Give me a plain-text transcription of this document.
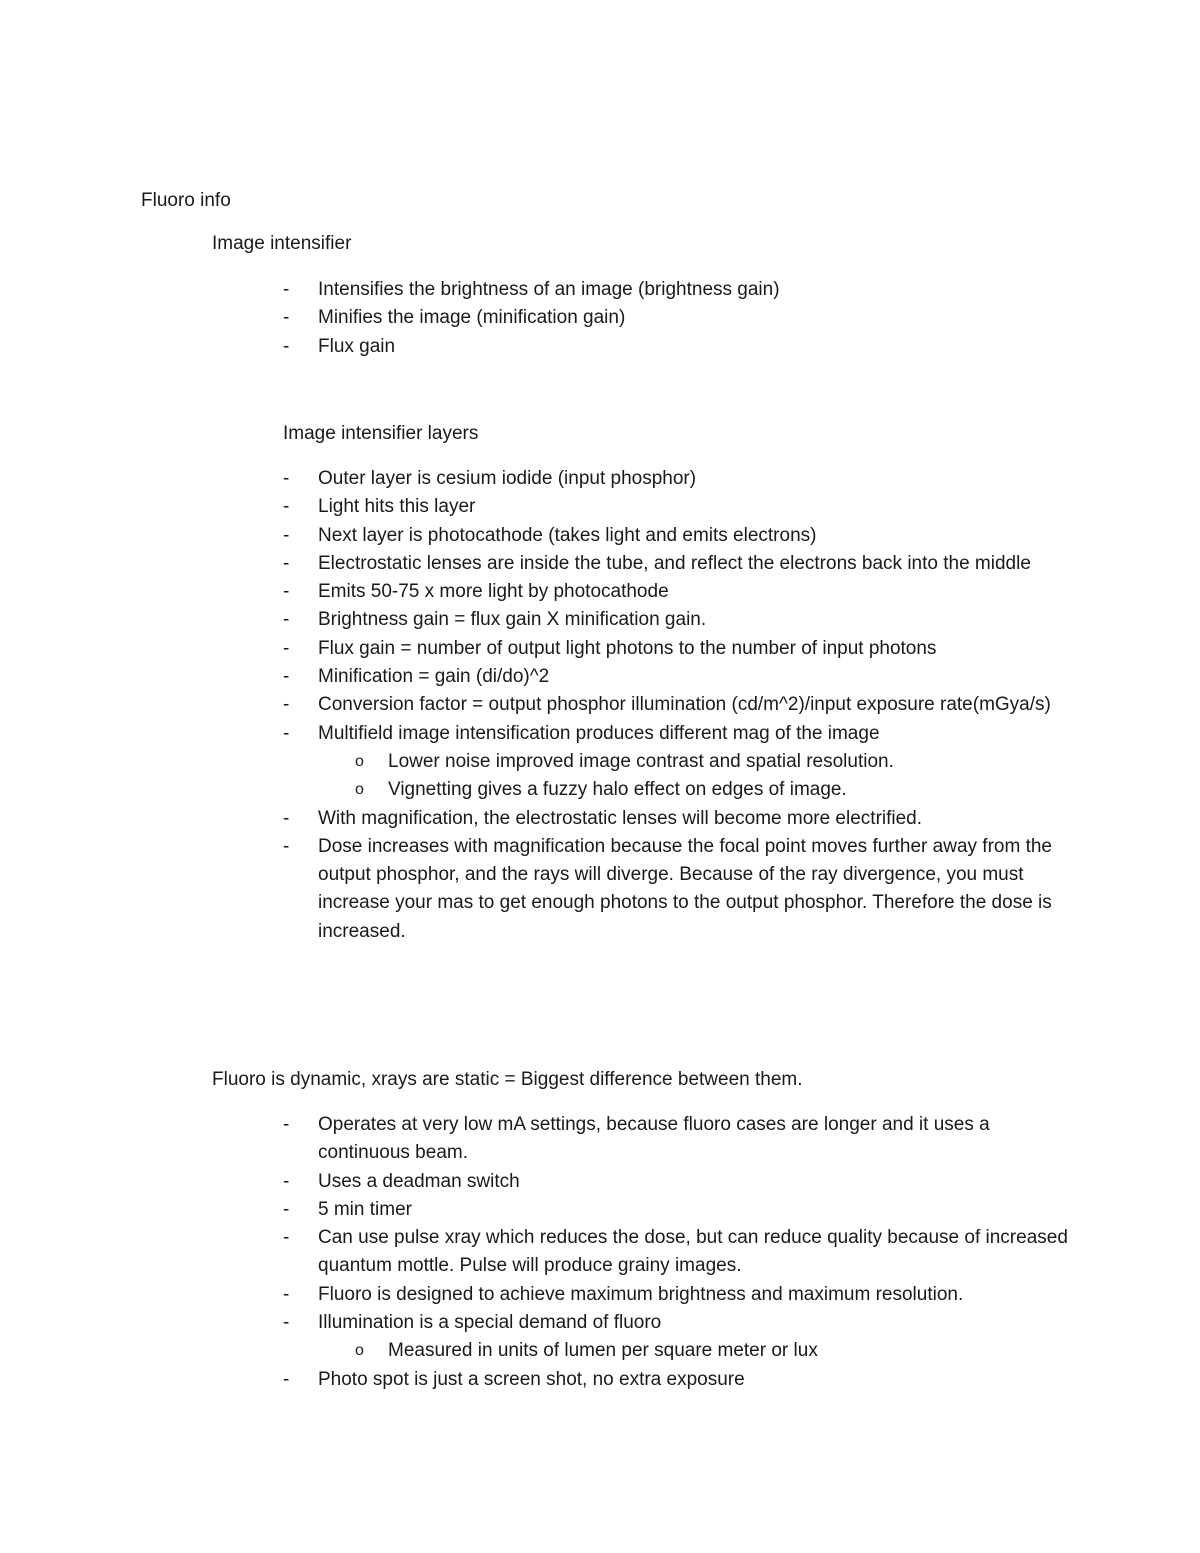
Fluoro info
Image intensifier
-	Intensifies the brightness of an image (brightness gain)
-	Minifies the image (minification gain)
-	Flux gain
Image intensifier layers
-	Outer layer is cesium iodide (input phosphor)
-	Light hits this layer
-	Next layer is photocathode (takes light and emits electrons)
-	Electrostatic lenses are inside the tube, and reflect the electrons back into the middle
-	Emits 50-75 x more light by photocathode
-	Brightness gain = flux gain X minification gain.
-	Flux gain = number of output light photons to the number of input photons
-	Minification = gain (di/do)^2
-	Conversion factor = output phosphor illumination (cd/m^2)/input exposure rate(mGya/s)
-	Multifield image intensification produces different mag of the image
o	Lower noise improved image contrast and spatial resolution.
o	Vignetting gives a fuzzy halo effect on edges of image.
-	With magnification, the electrostatic lenses will become more electrified.
-	Dose increases with magnification because the focal point moves further away from the output phosphor, and the rays will diverge. Because of the ray divergence, you must increase your mas to get enough photons to the output phosphor. Therefore the dose is increased.
Fluoro is dynamic, xrays are static = Biggest difference between them.
-	Operates at very low mA settings, because fluoro cases are longer and it uses a continuous beam.
-	Uses a deadman switch
-	5 min timer
-	Can use pulse xray which reduces the dose, but can reduce quality because of increased quantum mottle. Pulse will produce grainy images.
-	Fluoro is designed to achieve maximum brightness and maximum resolution.
-	Illumination is a special demand of fluoro
o	Measured in units of lumen per square meter or lux
-	Photo spot is just a screen shot, no extra exposure
